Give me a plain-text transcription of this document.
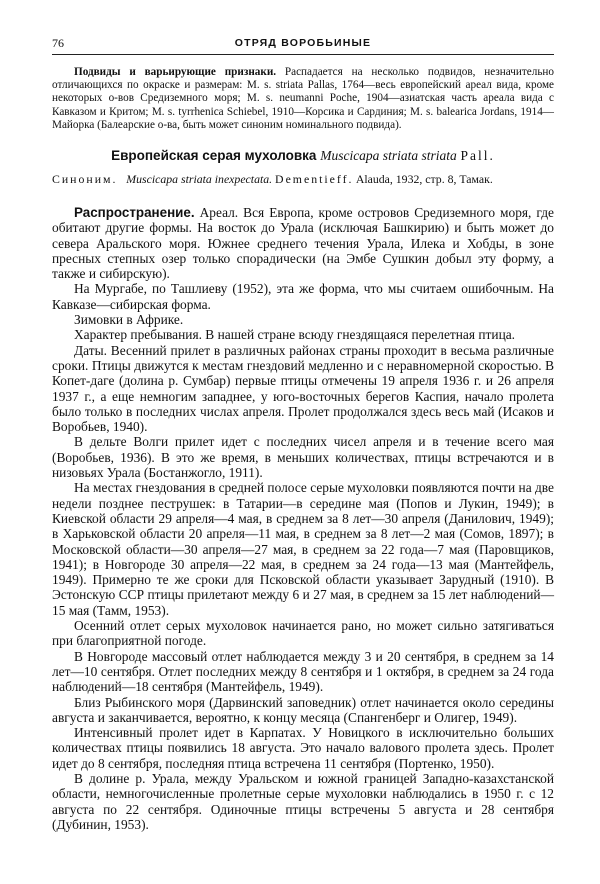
76	ОТРЯД ВОРОБЬИНЫЕ

Подвиды и варьирующие признаки. Распадается на несколько подвидов, незначительно отличающихся по окраске и размерам: M. s. striata Pallas, 1764—весь европейский ареал вида, кроме некоторых о-вов Средиземного моря; M. s. neumanni Poche, 1904—азиатская часть ареала вида с Кавказом и Критом; M. s. tyrrhenica Schiebel, 1910—Корсика и Сардиния; M. s. balearica Jordans, 1914—Майорка (Балеарские о-ва, быть может синоним номинального подвида).

Европейская серая мухоловка Muscicapa striata striata Pall.

Синоним. Muscicapa striata inexpectata. Dementieff. Alauda, 1932, стр. 8, Тамак.

Распространение. Ареал. Вся Европа, кроме островов Средиземного моря, где обитают другие формы. На восток до Урала (исключая Башкирию) и быть может до севера Аральского моря. Южнее среднего течения Урала, Илека и Хобды, в зоне пресных степных озер только спорадически (на Эмбе Сушкин добыл эту форму, а также и сибирскую).

На Мургабе, по Ташлиеву (1952), эта же форма, что мы считаем ошибочным. На Кавказе—сибирская форма.

Зимовки в Африке.

Характер пребывания. В нашей стране всюду гнездящаяся перелетная птица.

Даты. Весенний прилет в различных районах страны проходит в весьма различные сроки. Птицы движутся к местам гнездовий медленно и с неравномерной скоростью. В Копет-даге (долина р. Сумбар) первые птицы отмечены 19 апреля 1936 г. и 26 апреля 1937 г., а еще немногим западнее, у юго-восточных берегов Каспия, начало пролета было только в последних числах апреля. Пролет продолжался здесь весь май (Исаков и Воробьев, 1940).

В дельте Волги прилет идет с последних чисел апреля и в течение всего мая (Воробьев, 1936). В это же время, в меньших количествах, птицы встречаются и в низовьях Урала (Бостанжогло, 1911).

На местах гнездования в средней полосе серые мухоловки появляются почти на две недели позднее пеструшек: в Татарии—в середине мая (Попов и Лукин, 1949); в Киевской области 29 апреля—4 мая, в среднем за 8 лет—30 апреля (Данилович, 1949); в Харьковской области 20 апреля—11 мая, в среднем за 8 лет—2 мая (Сомов, 1897); в Московской области—30 апреля—27 мая, в среднем за 22 года—7 мая (Паровщиков, 1941); в Новгороде 30 апреля—22 мая, в среднем за 24 года—13 мая (Мантейфель, 1949). Примерно те же сроки для Псковской области указывает Зарудный (1910). В Эстонскую ССР птицы прилетают между 6 и 27 мая, в среднем за 15 лет наблюдений—15 мая (Тамм, 1953).

Осенний отлет серых мухоловок начинается рано, но может сильно затягиваться при благоприятной погоде.

В Новгороде массовый отлет наблюдается между 3 и 20 сентября, в среднем за 14 лет—10 сентября. Отлет последних между 8 сентября и 1 октября, в среднем за 24 года наблюдений—18 сентября (Мантейфель, 1949).

Близ Рыбинского моря (Дарвинский заповедник) отлет начинается около середины августа и заканчивается, вероятно, к концу месяца (Спангенберг и Олигер, 1949).

Интенсивный пролет идет в Карпатах. У Новицкого в исключительно больших количествах птицы появились 18 августа. Это начало валового пролета здесь. Пролет идет до 8 сентября, последняя птица встречена 11 сентября (Портенко, 1950).

В долине р. Урала, между Уральском и южной границей Западно-казахстанской области, немногочисленные пролетные серые мухоловки наблюдались в 1950 г. с 12 августа по 22 сентября. Одиночные птицы встречены 5 августа и 28 сентября (Дубинин, 1953).
